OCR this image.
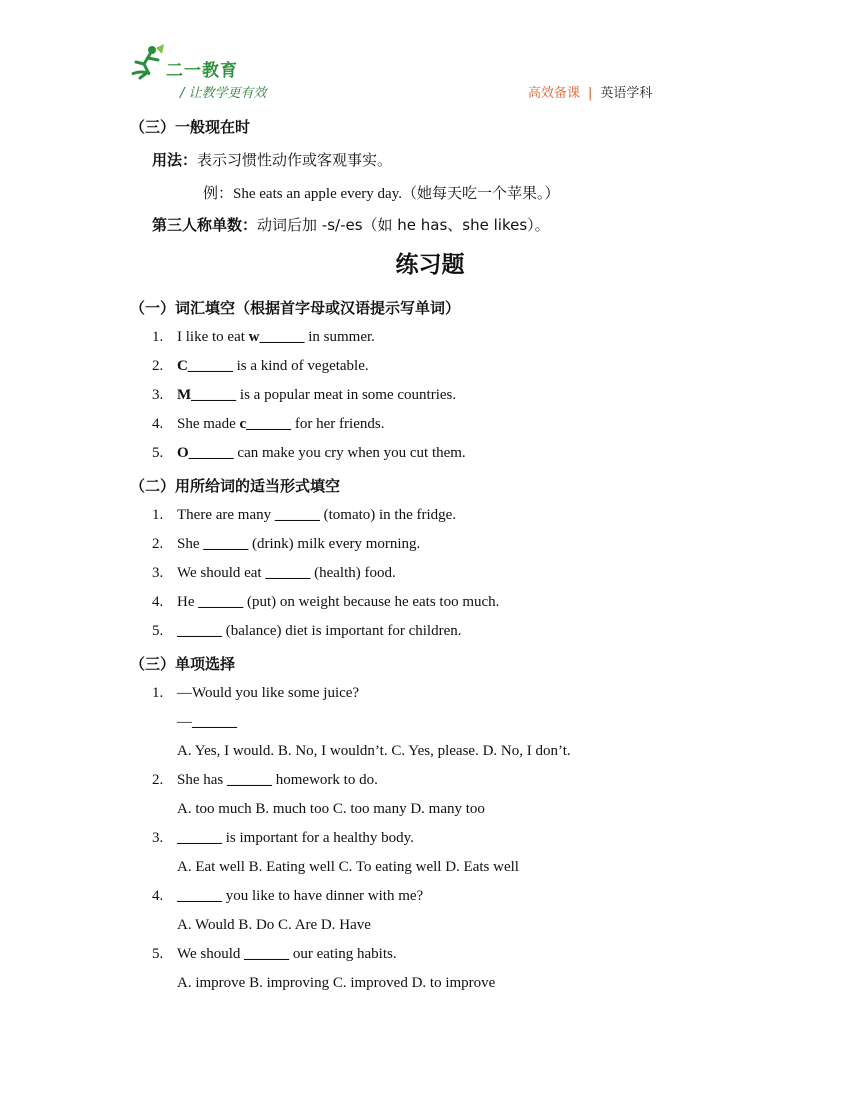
二一教育
/ 让教学更有效	高效备课 | 英语学科
（三）一般现在时
用法：表示习惯性动作或客观事实。
例：She eats an apple every day.（她每天吃一个苹果。）
第三人称单数：动词后加 -s/-es（如 he has、she likes）。
练习题
（一）词汇填空（根据首字母或汉语提示写单词）
1. I like to eat w______ in summer.
2. C______ is a kind of vegetable.
3. M______ is a popular meat in some countries.
4. She made c______ for her friends.
5. O______ can make you cry when you cut them.
（二）用所给词的适当形式填空
1. There are many ______ (tomato) in the fridge.
2. She ______ (drink) milk every morning.
3. We should eat ______ (health) food.
4. He ______ (put) on weight because he eats too much.
5. ______ (balance) diet is important for children.
（三）单项选择
1. —Would you like some juice?
—______
A. Yes, I would. B. No, I wouldn’t. C. Yes, please. D. No, I don’t.
2. She has ______ homework to do.
A. too much B. much too C. too many D. many too
3. ______ is important for a healthy body.
A. Eat well B. Eating well C. To eating well D. Eats well
4. ______ you like to have dinner with me?
A. Would B. Do C. Are D. Have
5. We should ______ our eating habits.
A. improve B. improving C. improved D. to improve
